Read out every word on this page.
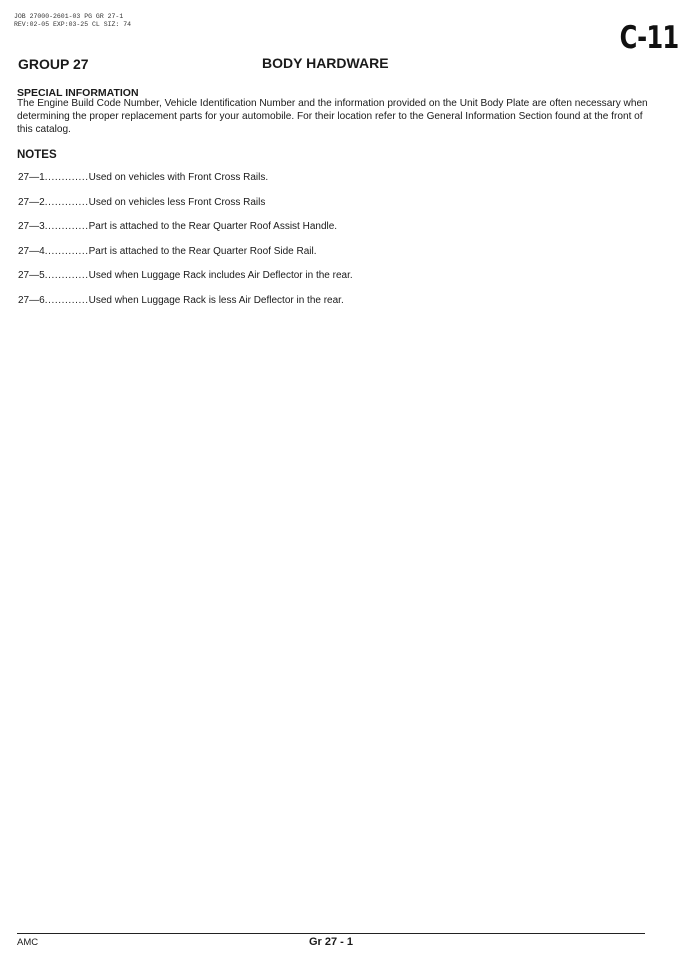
JOB 27000-2601-03 PG GR 27-1
REV:02-05 EXP:03-25 CL SIZ: 74	C-11
GROUP 27	BODY HARDWARE
SPECIAL INFORMATION
The Engine Build Code Number, Vehicle Identification Number and the information provided on the Unit Body Plate are often necessary when determining the proper replacement parts for your automobile. For their location refer to the General Information Section found at the front of this catalog.
NOTES
27—1 ............. Used on vehicles with Front Cross Rails.
27—2 ............. Used on vehicles less Front Cross Rails
27—3 ............. Part is attached to the Rear Quarter Roof Assist Handle.
27—4 ............. Part is attached to the Rear Quarter Roof Side Rail.
27—5 ............. Used when Luggage Rack includes Air Deflector in the rear.
27—6 ............. Used when Luggage Rack is less Air Deflector in the rear.
AMC	Gr 27 - 1
